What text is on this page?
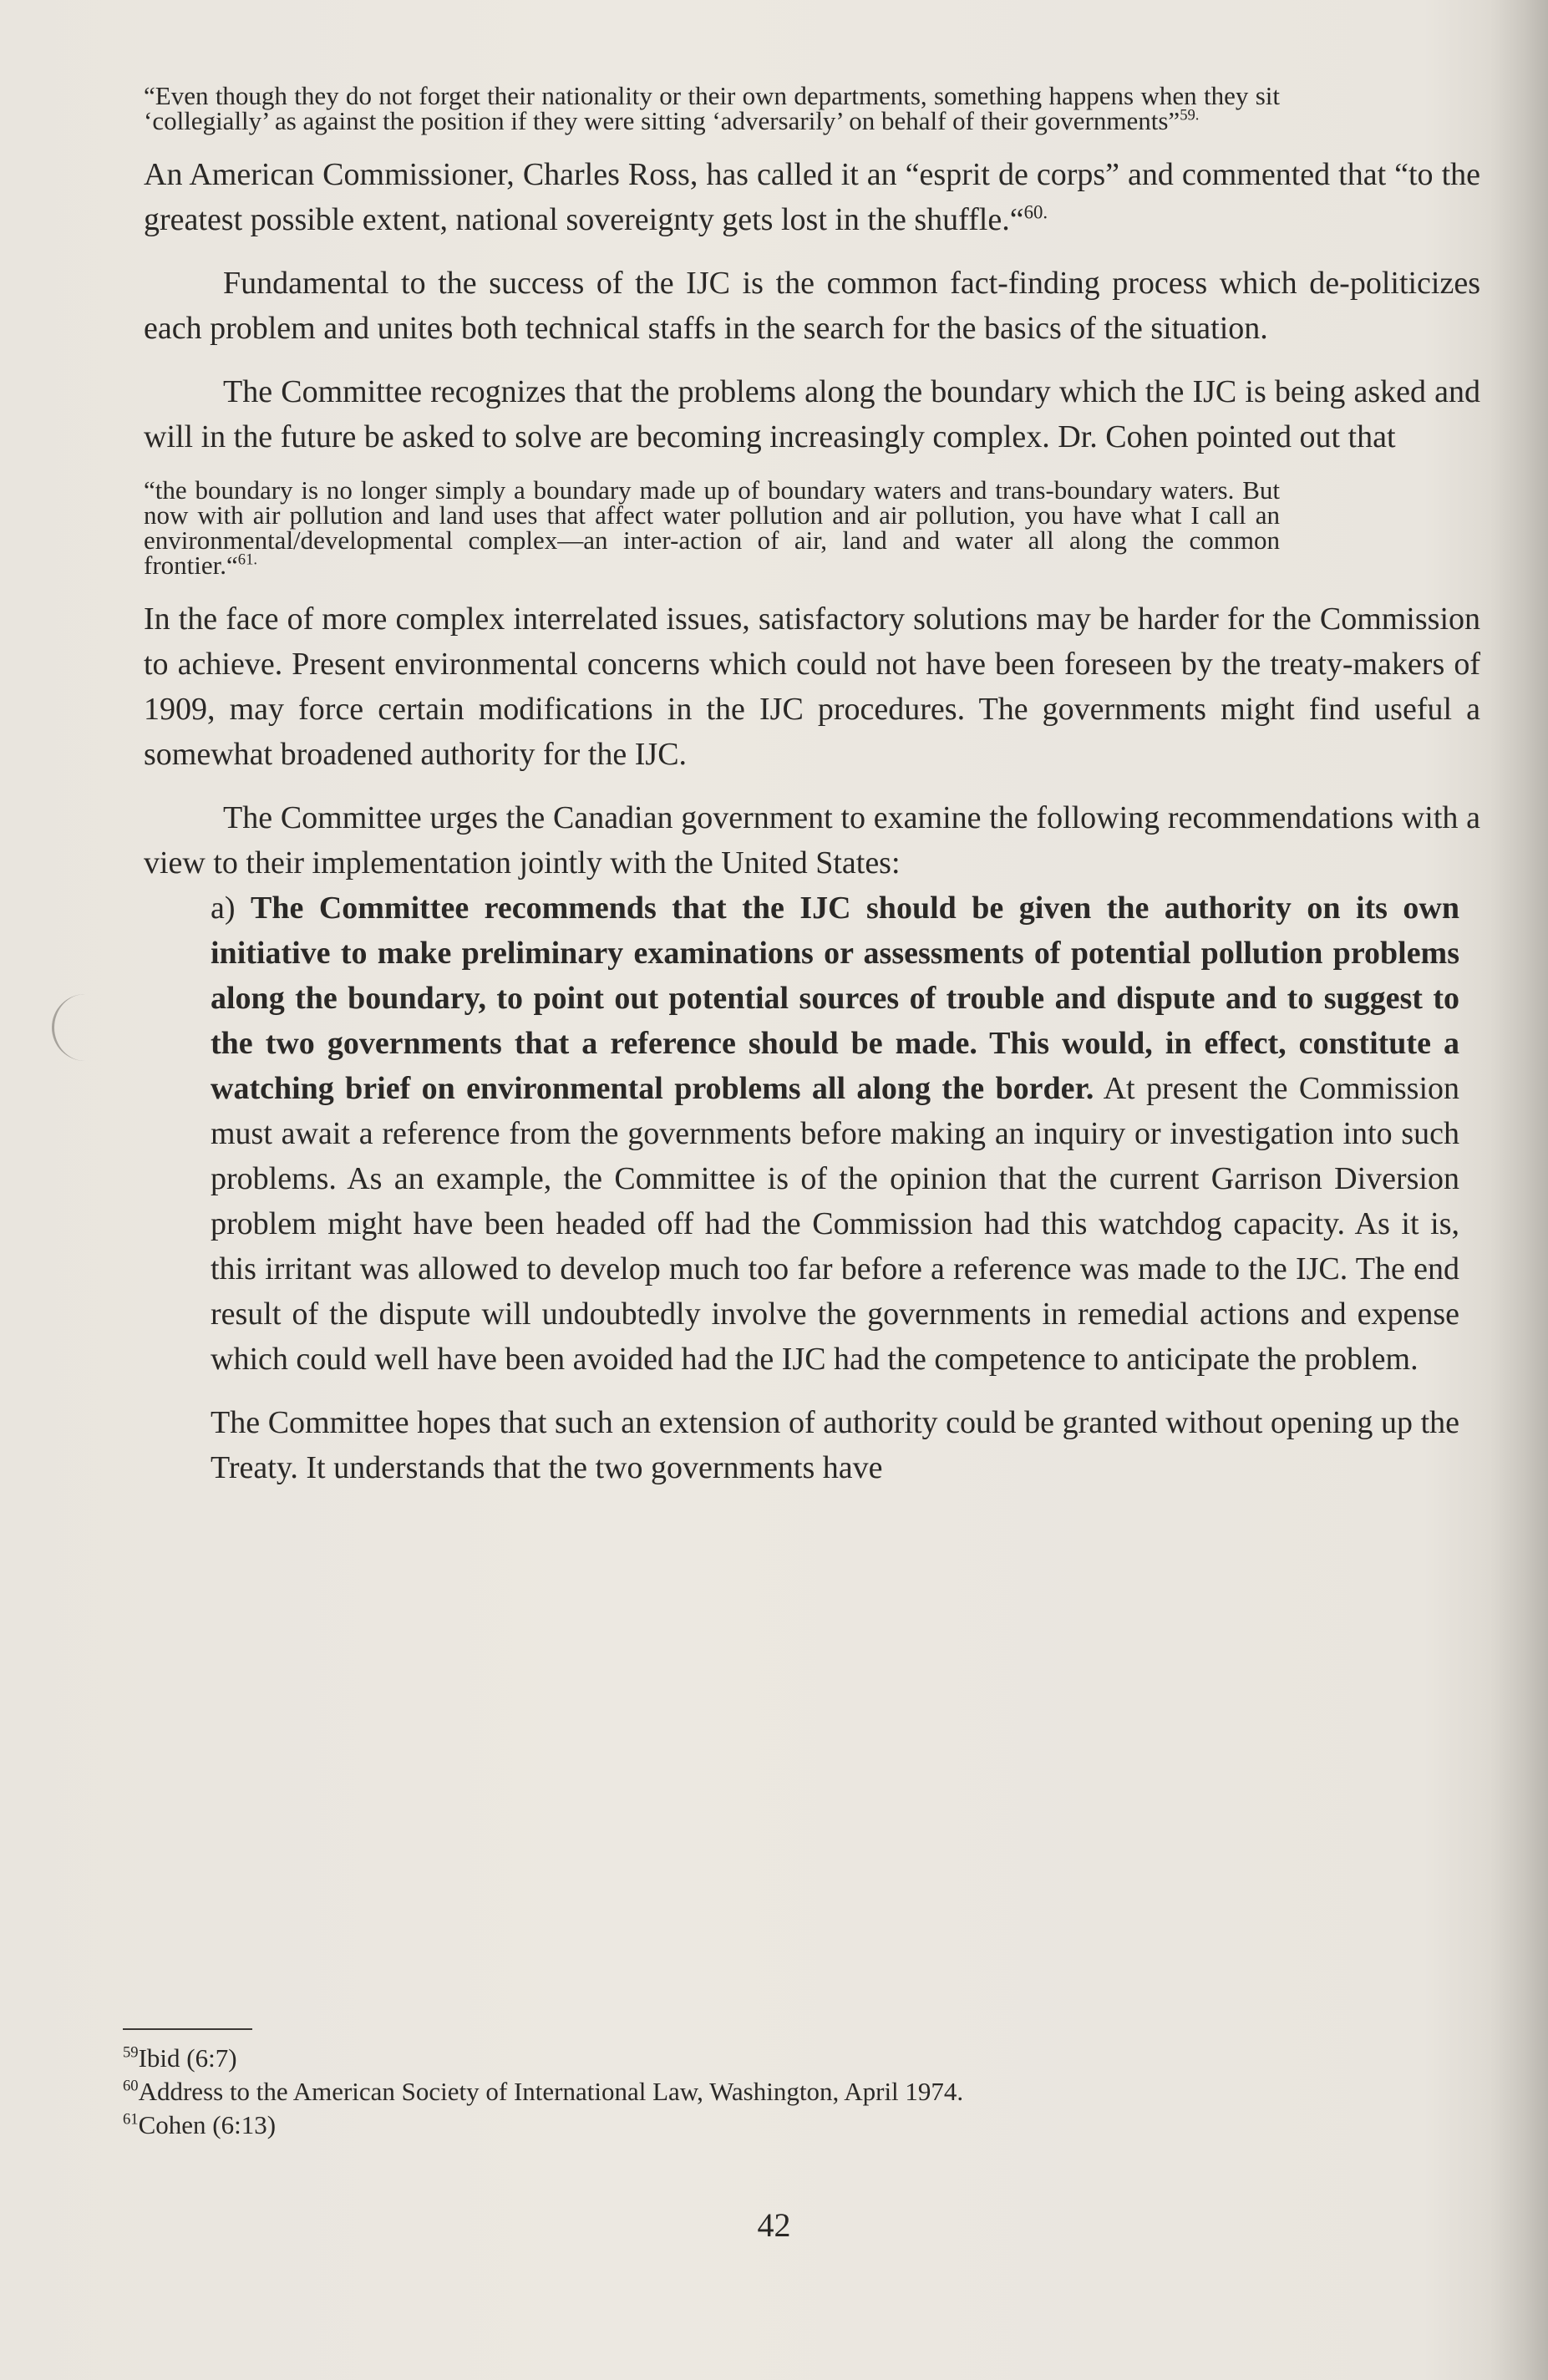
“Even though they do not forget their nationality or their own departments, something happens when they sit ‘collegially’ as against the position if they were sitting ‘adversarily’ on behalf of their governments”$^{59.}$

An American Commissioner, Charles Ross, has called it an “esprit de corps” and commented that “to the greatest possible extent, national sovereignty gets lost in the shuffle.“$^{60.}$

Fundamental to the success of the IJC is the common fact-finding process which de-politicizes each problem and unites both technical staffs in the search for the basics of the situation.

The Committee recognizes that the problems along the boundary which the IJC is being asked and will in the future be asked to solve are becoming increasingly complex. Dr. Cohen pointed out that

“the boundary is no longer simply a boundary made up of boundary waters and trans-boundary waters. But now with air pollution and land uses that affect water pollution and air pollution, you have what I call an environmental/developmental complex—an inter-action of air, land and water all along the common frontier.“$^{61.}$

In the face of more complex interrelated issues, satisfactory solutions may be harder for the Commission to achieve. Present environmental concerns which could not have been foreseen by the treaty-makers of 1909, may force certain modifications in the IJC procedures. The governments might find useful a somewhat broadened authority for the IJC.

The Committee urges the Canadian government to examine the following recommendations with a view to their implementation jointly with the United States:

a) The Committee recommends that the IJC should be given the authority on its own initiative to make preliminary examinations or assessments of potential pollution problems along the boundary, to point out potential sources of trouble and dispute and to suggest to the two governments that a reference should be made. This would, in effect, constitute a watching brief on environmental problems all along the border. At present the Commission must await a reference from the governments before making an inquiry or investigation into such problems. As an example, the Committee is of the opinion that the current Garrison Diversion problem might have been headed off had the Commission had this watchdog capacity. As it is, this irritant was allowed to develop much too far before a reference was made to the IJC. The end result of the dispute will undoubtedly involve the governments in remedial actions and expense which could well have been avoided had the IJC had the competence to anticipate the problem.

The Committee hopes that such an extension of authority could be granted without opening up the Treaty. It understands that the two governments have

$^{59}$Ibid (6:7)

$^{60}$Address to the American Society of International Law, Washington, April 1974.

$^{61}$Cohen (6:13)

42
